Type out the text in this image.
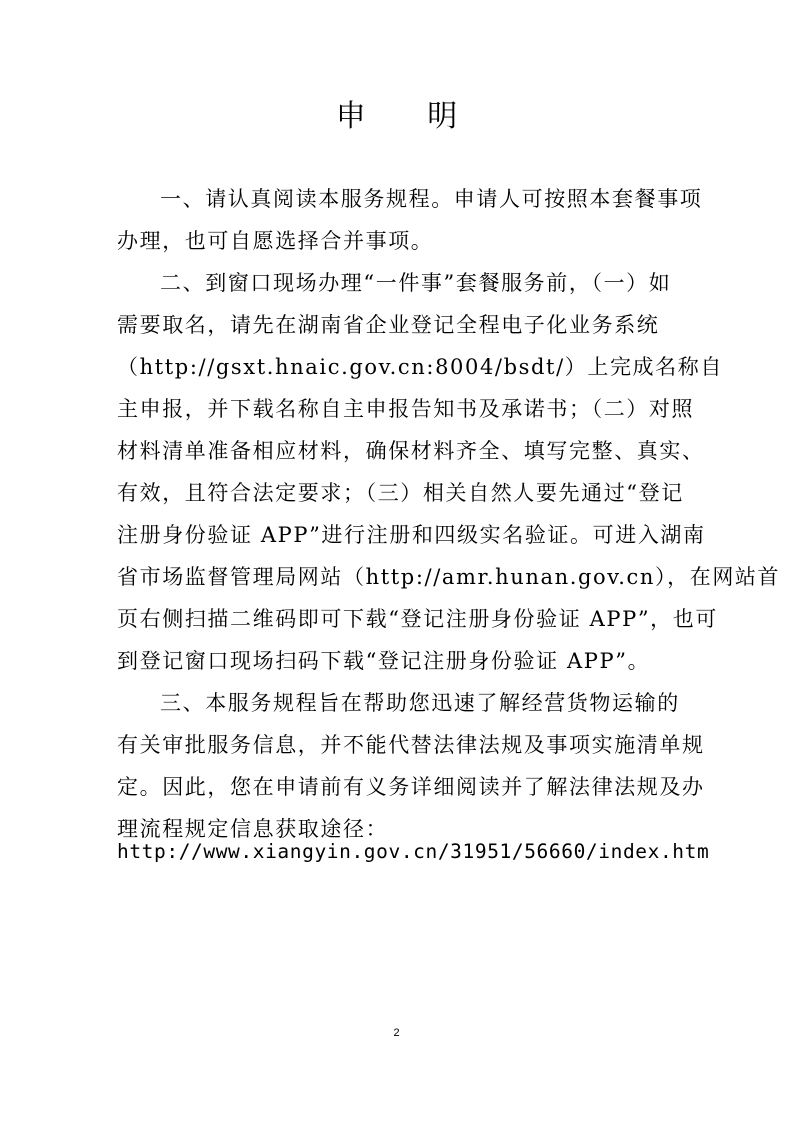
申 明
一、请认真阅读本服务规程。申请人可按照本套餐事项
办理，也可自愿选择合并事项。
二、到窗口现场办理“一件事”套餐服务前，（一）如
需要取名，请先在湖南省企业登记全程电子化业务系统
（http://gsxt.hnaic.gov.cn:8004/bsdt/）上完成名称自
主申报，并下载名称自主申报告知书及承诺书；（二）对照
材料清单准备相应材料，确保材料齐全、填写完整、真实、
有效，且符合法定要求；（三）相关自然人要先通过“登记
注册身份验证 APP”进行注册和四级实名验证。可进入湖南
省市场监督管理局网站（http://amr.hunan.gov.cn），在网站首
页右侧扫描二维码即可下载“登记注册身份验证 APP”，也可
到登记窗口现场扫码下载“登记注册身份验证 APP”。
三、本服务规程旨在帮助您迅速了解经营货物运输的
有关审批服务信息，并不能代替法律法规及事项实施清单规
定。因此，您在申请前有义务详细阅读并了解法律法规及办
理流程规定信息获取途径：
http://www.xiangyin.gov.cn/31951/56660/index.htm
2
